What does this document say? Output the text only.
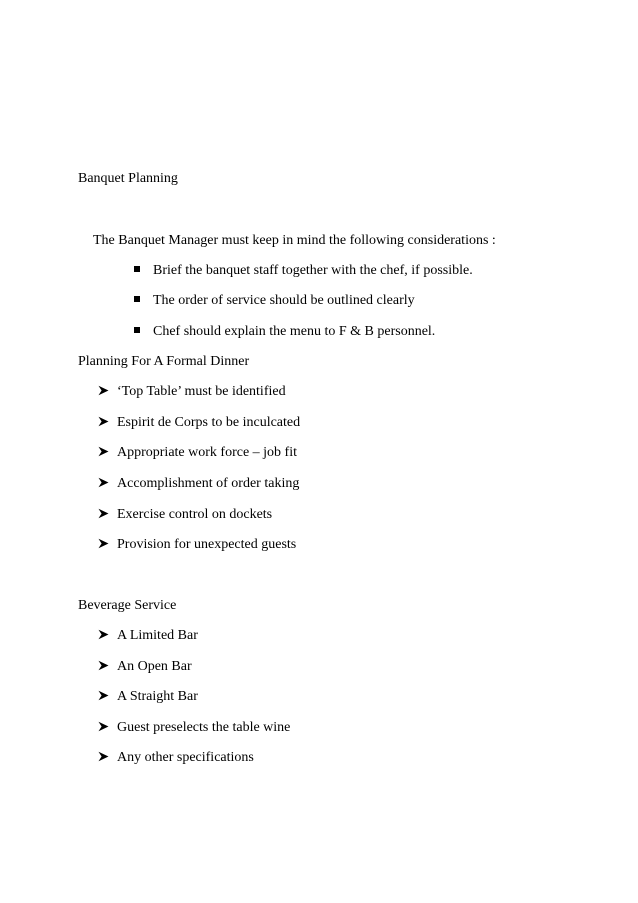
Banquet Planning
The Banquet Manager must keep in mind the following considerations :
Brief the banquet staff together with the chef, if possible.
The order of service should be outlined clearly
Chef should explain the menu to F & B personnel.
Planning For A Formal Dinner
‘Top Table’ must be identified
Espirit de Corps to be inculcated
Appropriate work force – job fit
Accomplishment of order taking
Exercise control on dockets
Provision for unexpected guests
Beverage Service
A Limited Bar
An Open Bar
A Straight Bar
Guest preselects the table wine
Any other specifications
